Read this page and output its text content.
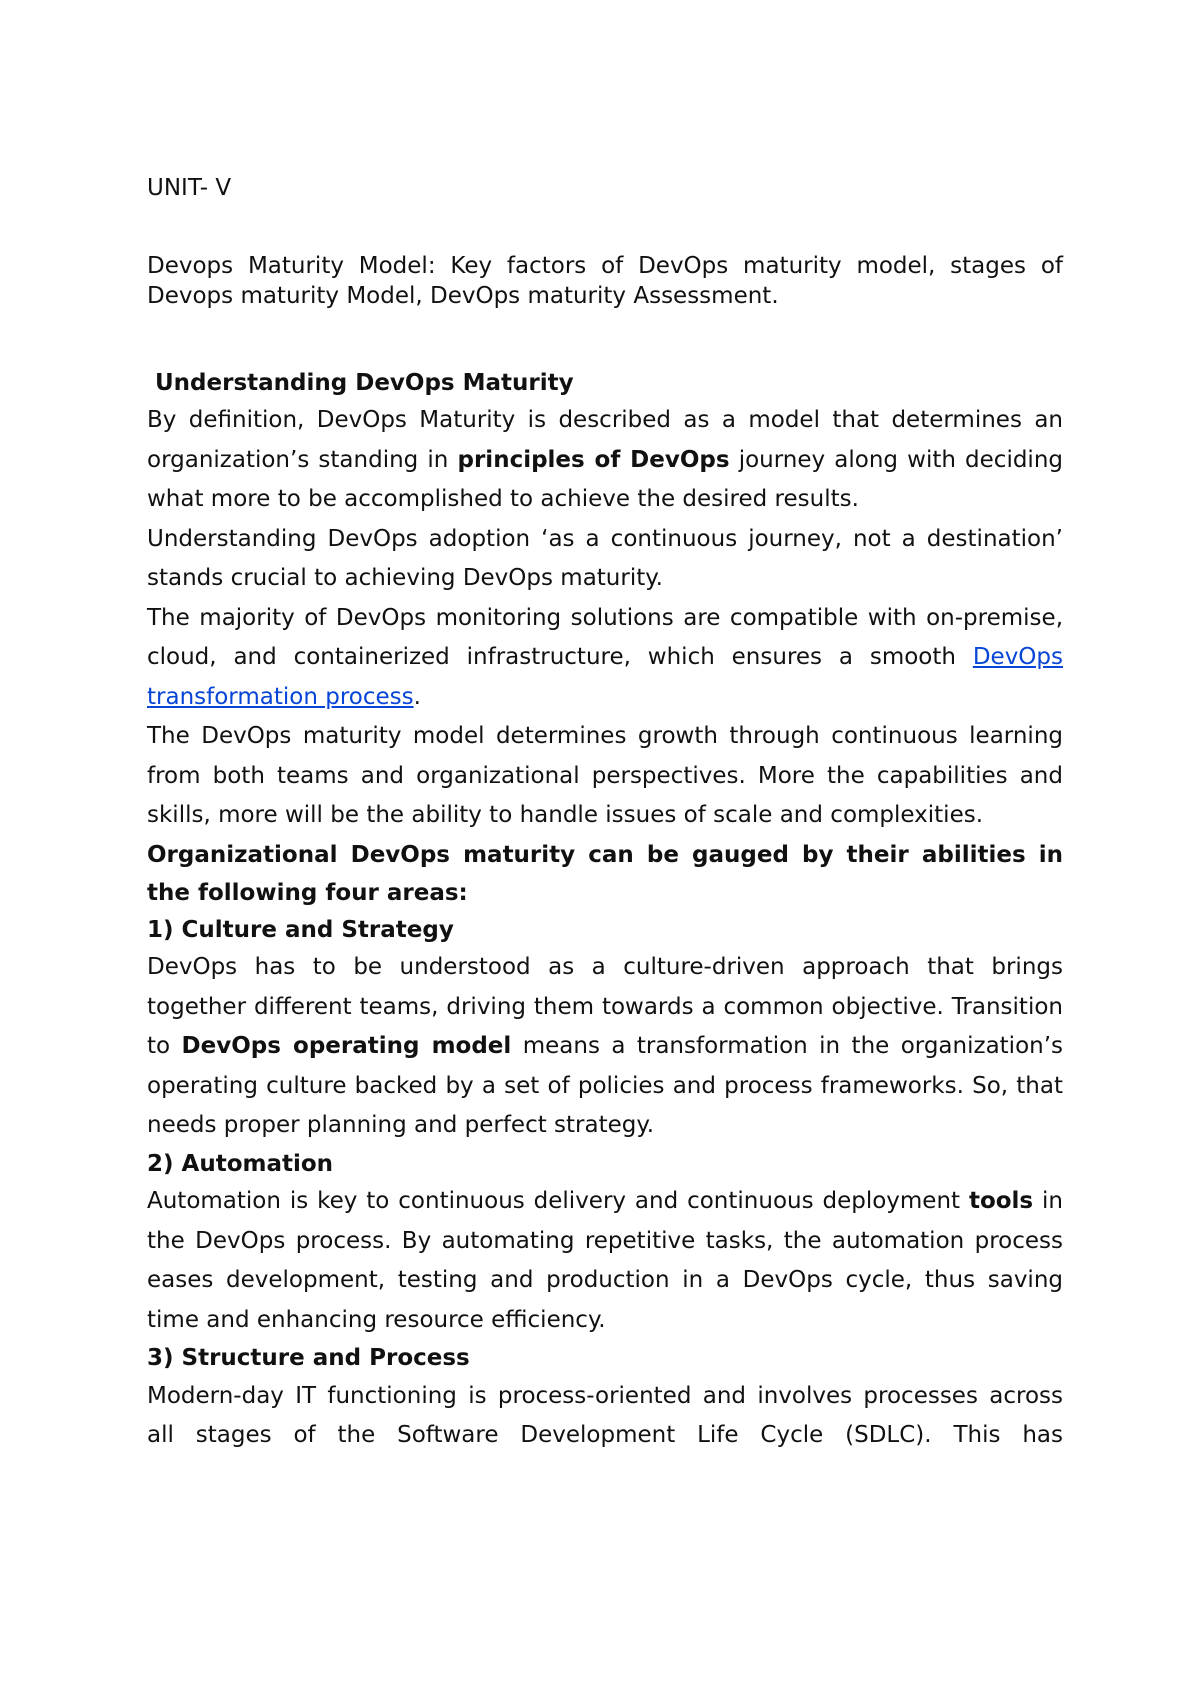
UNIT- V

Devops Maturity Model: Key factors of DevOps maturity model, stages of Devops maturity Model, DevOps maturity Assessment.

Understanding DevOps Maturity

By definition, DevOps Maturity is described as a model that determines an organization’s standing in principles of DevOps journey along with deciding what more to be accomplished to achieve the desired results.

Understanding DevOps adoption ‘as a continuous journey, not a destination’ stands crucial to achieving DevOps maturity.

The majority of DevOps monitoring solutions are compatible with on-premise, cloud, and containerized infrastructure, which ensures a smooth DevOps transformation process.

The DevOps maturity model determines growth through continuous learning from both teams and organizational perspectives. More the capabilities and skills, more will be the ability to handle issues of scale and complexities.

Organizational DevOps maturity can be gauged by their abilities in the following four areas:

1) Culture and Strategy

DevOps has to be understood as a culture-driven approach that brings together different teams, driving them towards a common objective. Transition to DevOps operating model means a transformation in the organization’s operating culture backed by a set of policies and process frameworks. So, that needs proper planning and perfect strategy.

2) Automation

Automation is key to continuous delivery and continuous deployment tools in the DevOps process. By automating repetitive tasks, the automation process eases development, testing and production in a DevOps cycle, thus saving time and enhancing resource efficiency.

3) Structure and Process

Modern-day IT functioning is process-oriented and involves processes across all stages of the Software Development Life Cycle (SDLC). This has
